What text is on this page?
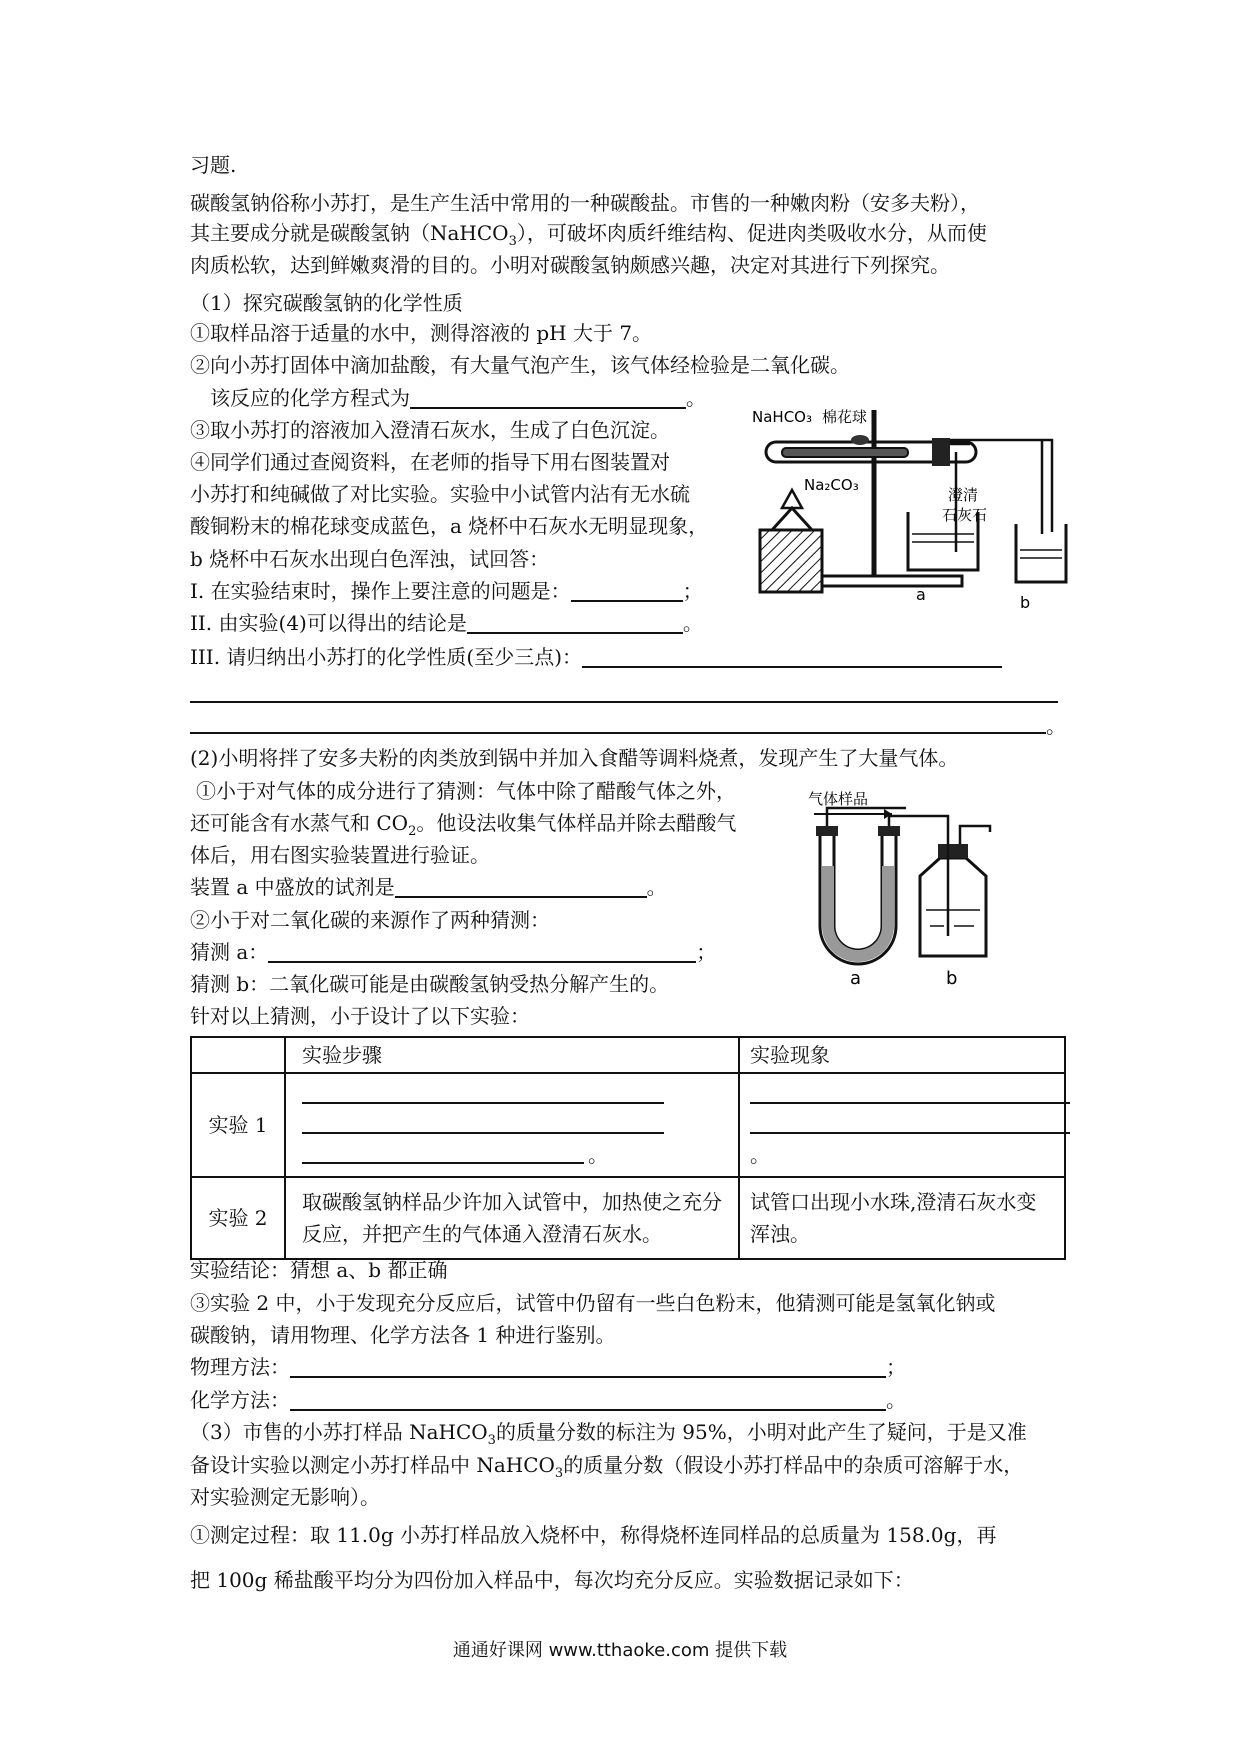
习题.
碳酸氢钠俗称小苏打，是生产生活中常用的一种碳酸盐。市售的一种嫩肉粉（安多夫粉），
其主要成分就是碳酸氢钠（NaHCO$_3$），可破坏肉质纤维结构、促进肉类吸收水分，从而使
肉质松软，达到鲜嫩爽滑的目的。小明对碳酸氢钠颇感兴趣，决定对其进行下列探究。
（1）探究碳酸氢钠的化学性质
①取样品溶于适量的水中，测得溶液的 pH 大于 7。
②向小苏打固体中滴加盐酸，有大量气泡产生，该气体经检验是二氧化碳。
该反应的化学方程式为	。
③取小苏打的溶液加入澄清石灰水，生成了白色沉淀。
④同学们通过查阅资料，在老师的指导下用右图装置对
小苏打和纯碱做了对比实验。实验中小试管内沾有无水硫
酸铜粉末的棉花球变成蓝色，a 烧杯中石灰水无明显现象，
b 烧杯中石灰水出现白色浑浊，试回答：
I. 在实验结束时，操作上要注意的问题是：	；
II. 由实验(4)可以得出的结论是	。
III. 请归纳出小苏打的化学性质(至少三点)：
。
(2)小明将拌了安多夫粉的肉类放到锅中并加入食醋等调料烧煮，发现产生了大量气体。
①小于对气体的成分进行了猜测：气体中除了醋酸气体之外，
还可能含有水蒸气和 $CO_2$。他设法收集气体样品并除去醋酸气
体后，用右图实验装置进行验证。
装置 a 中盛放的试剂是	。
②小于对二氧化碳的来源作了两种猜测：
猜测 a：	；
猜测 b：二氧化碳可能是由碳酸氢钠受热分解产生的。
针对以上猜测，小于设计了以下实验：
	实验步骤	实验现象
实验 1	。	。

实验 2	取碳酸氢钠样品少许加入试管中，加热使之充分反应，并把产生的气体通入澄清石灰水。	试管口出现小水珠,澄清石灰水变浑浊。
实验结论：猜想 a、b 都正确
③实验 2 中，小于发现充分反应后，试管中仍留有一些白色粉末，他猜测可能是氢氧化钠或
碳酸钠，请用物理、化学方法各 1 种进行鉴别。
物理方法：	；
化学方法：	。
（3）市售的小苏打样品 NaHCO$_3$的质量分数的标注为 95%，小明对此产生了疑问，于是又准
备设计实验以测定小苏打样品中 NaHCO$_3$的质量分数（假设小苏打样品中的杂质可溶解于水，
对实验测定无影响）。
①测定过程：取 11.0g 小苏打样品放入烧杯中，称得烧杯连同样品的总质量为 158.0g，再
把 100g 稀盐酸平均分为四份加入样品中，每次均充分反应。实验数据记录如下：
NaHCO₃ 棉花球
Na₂CO₃
澄清
石灰石
a	b
气体样品
a	b
通通好课网 www.tthaoke.com 提供下载
